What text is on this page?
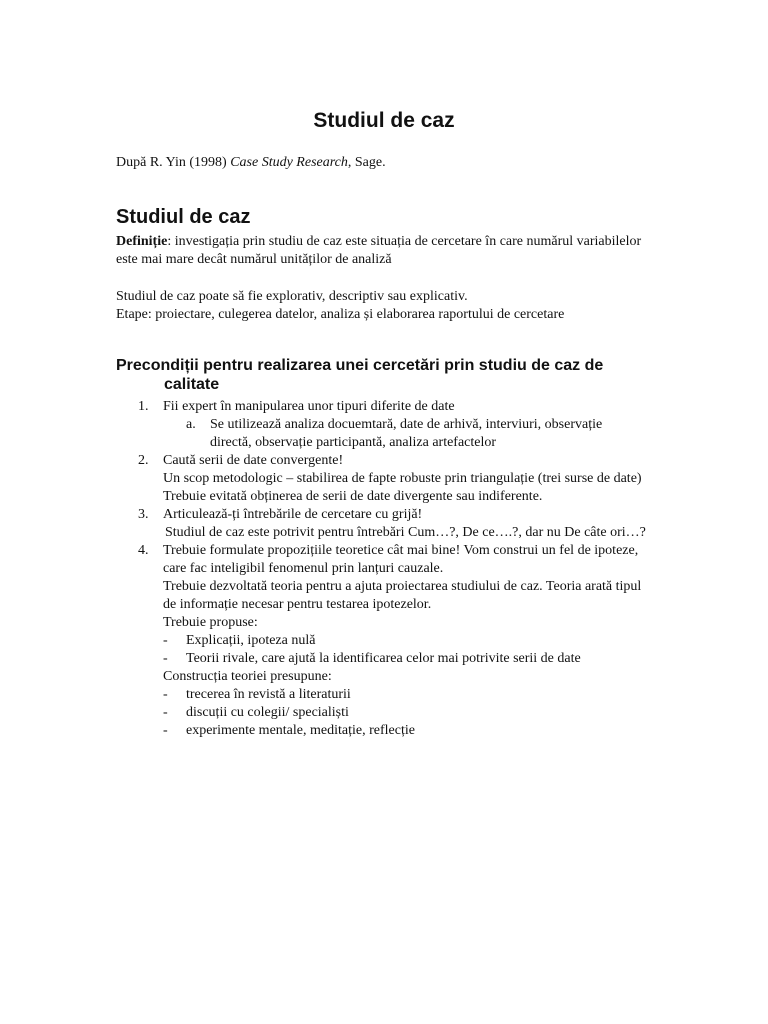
Studiul de caz
După R. Yin (1998) Case Study Research, Sage.
Studiul de caz
Definiție: investigația prin studiu de caz este situația de cercetare în care numărul variabilelor este mai mare decât numărul unităților de analiză
Studiul de caz poate să fie explorativ, descriptiv sau explicativ.
Etape: proiectare, culegerea datelor, analiza și elaborarea raportului de cercetare
Precondiții pentru realizarea unei cercetări prin studiu de caz de
calitate
1. Fii expert în manipularea unor tipuri diferite de date
a. Se utilizează analiza docuemtară, date de arhivă, interviuri, observație directă, observație participantă, analiza artefactelor
2. Caută serii de date convergente!
Un scop metodologic – stabilirea de fapte robuste prin triangulație (trei surse de date)
Trebuie evitată obținerea de serii de date divergente sau indiferente.
3. Articulează-ți întrebările de cercetare cu grijă!
Studiul de caz este potrivit pentru întrebări Cum…?, De ce….?, dar nu De câte ori…?
4. Trebuie formulate propozițiile teoretice cât mai bine! Vom construi un fel de ipoteze, care fac inteligibil fenomenul prin lanțuri cauzale.
Trebuie dezvoltată teoria pentru a ajuta proiectarea studiului de caz. Teoria arată tipul de informație necesar pentru testarea ipotezelor.
Trebuie propuse:
- Explicații, ipoteza nulă
- Teorii rivale, care ajută la identificarea celor mai potrivite serii de date
Construcția teoriei presupune:
- trecerea în revistă a literaturii
- discuții cu colegii/ specialiști
- experimente mentale, meditație, reflecție
